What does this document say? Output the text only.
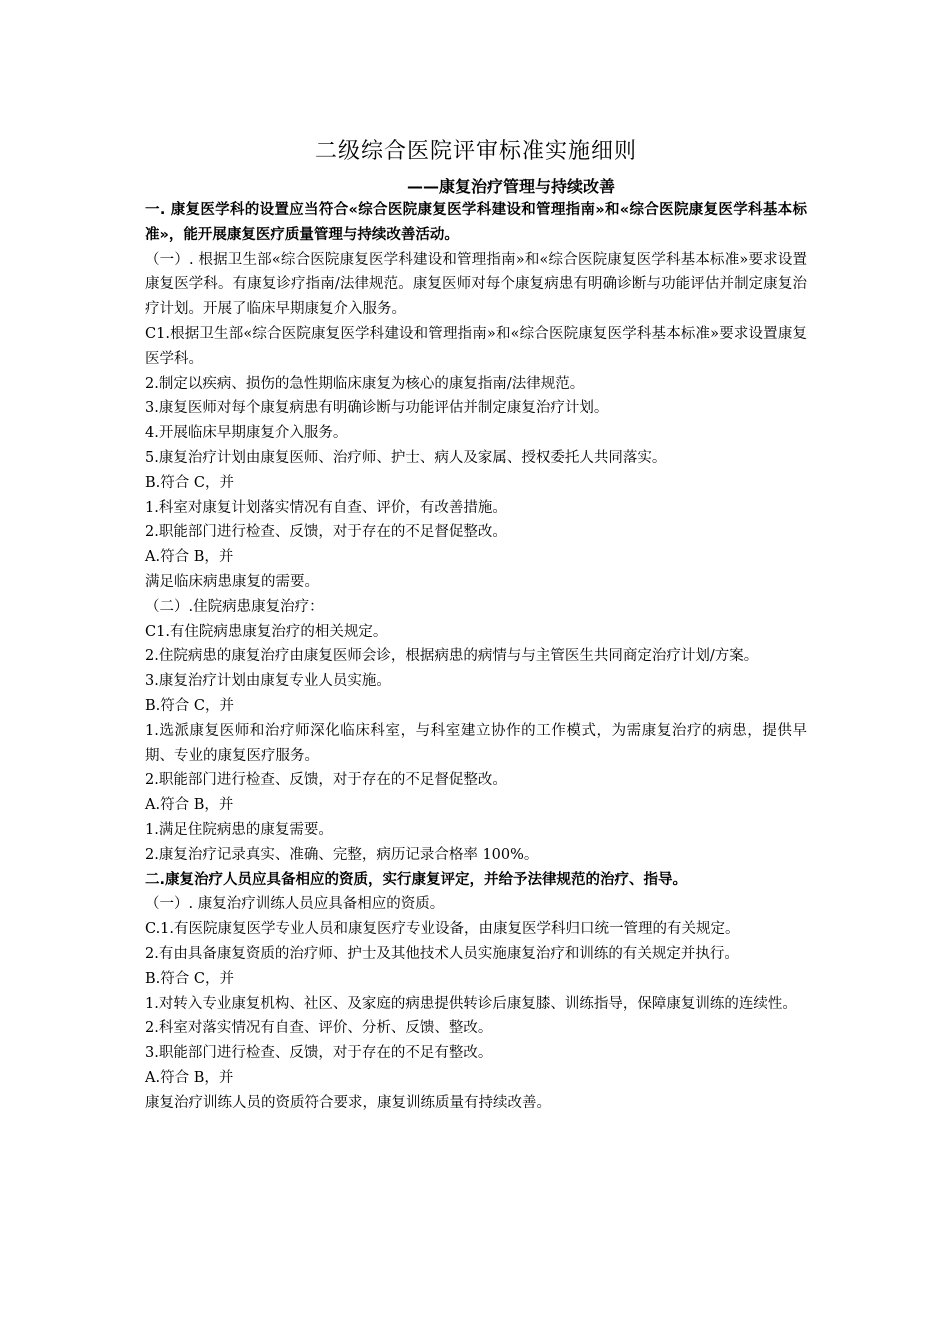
二级综合医院评审标准实施细则

——康复治疗管理与持续改善

一. 康复医学科的设置应当符合«综合医院康复医学科建设和管理指南»和«综合医院康复医学科基本标准»，能开展康复医疗质量管理与持续改善活动。

（一）. 根据卫生部«综合医院康复医学科建设和管理指南»和«综合医院康复医学科基本标准»要求设置康复医学科。有康复诊疗指南/法律规范。康复医师对每个康复病患有明确诊断与功能评估并制定康复治疗计划。开展了临床早期康复介入服务。

C1.根据卫生部«综合医院康复医学科建设和管理指南»和«综合医院康复医学科基本标准»要求设置康复医学科。

2.制定以疾病、损伤的急性期临床康复为核心的康复指南/法律规范。

3.康复医师对每个康复病患有明确诊断与功能评估并制定康复治疗计划。

4.开展临床早期康复介入服务。

5.康复治疗计划由康复医师、治疗师、护士、病人及家属、授权委托人共同落实。

B.符合 C，并

1.科室对康复计划落实情况有自查、评价，有改善措施。

2.职能部门进行检查、反馈，对于存在的不足督促整改。

A.符合 B，并

满足临床病患康复的需要。

（二）.住院病患康复治疗：

C1.有住院病患康复治疗的相关规定。

2.住院病患的康复治疗由康复医师会诊，根据病患的病情与与主管医生共同商定治疗计划/方案。

3.康复治疗计划由康复专业人员实施。

B.符合 C，并

1.选派康复医师和治疗师深化临床科室，与科室建立协作的工作模式，为需康复治疗的病患，提供早期、专业的康复医疗服务。

2.职能部门进行检查、反馈，对于存在的不足督促整改。

A.符合 B，并

1.满足住院病患的康复需要。

2.康复治疗记录真实、准确、完整，病历记录合格率 100%。

二.康复治疗人员应具备相应的资质，实行康复评定，并给予法律规范的治疗、指导。

（一）. 康复治疗训练人员应具备相应的资质。

C.1.有医院康复医学专业人员和康复医疗专业设备，由康复医学科归口统一管理的有关规定。

2.有由具备康复资质的治疗师、护士及其他技术人员实施康复治疗和训练的有关规定并执行。

B.符合 C，并

1.对转入专业康复机构、社区、及家庭的病患提供转诊后康复膝、训练指导，保障康复训练的连续性。

2.科室对落实情况有自查、评价、分析、反馈、整改。

3.职能部门进行检查、反馈，对于存在的不足有整改。

A.符合 B，并

康复治疗训练人员的资质符合要求，康复训练质量有持续改善。
